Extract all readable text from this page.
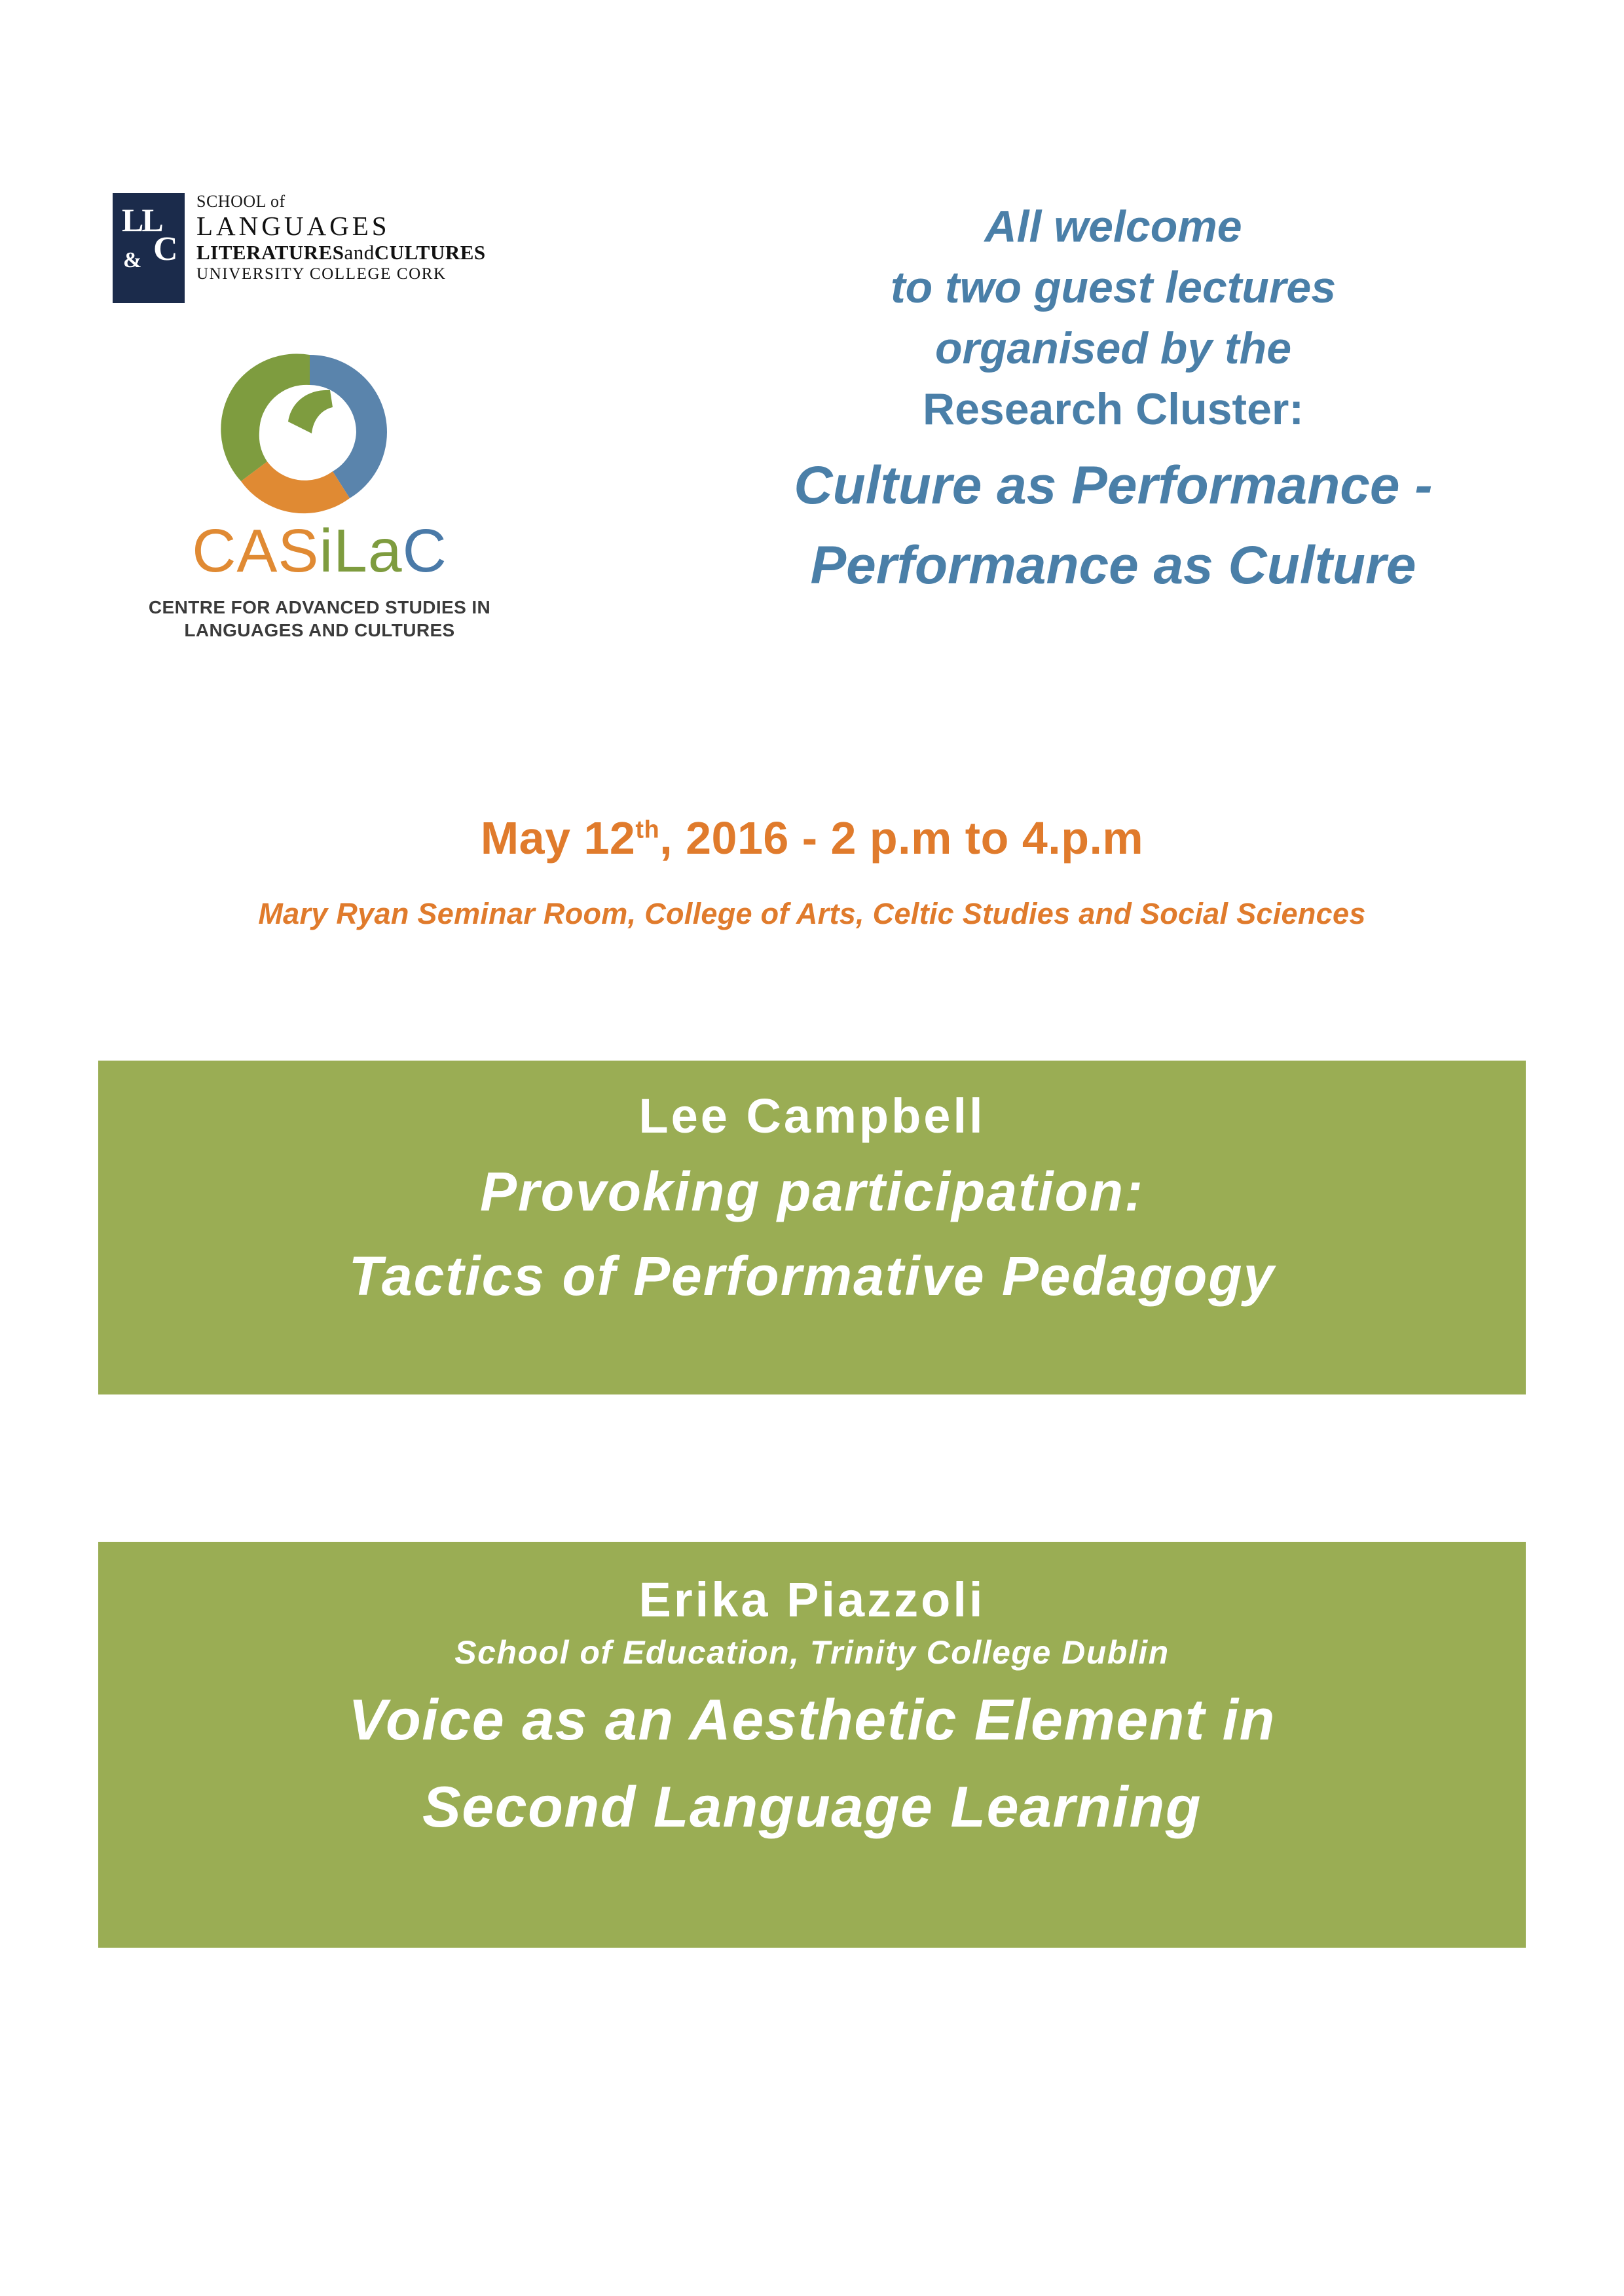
LL
& C
SCHOOL of
LANGUAGES
LITERATURESandCULTURES
UNIVERSITY COLLEGE CORK
CASiLaC
CENTRE FOR ADVANCED STUDIES IN LANGUAGES AND CULTURES
All welcome
to two guest lectures
organised by the
Research Cluster:
Culture as Performance -
Performance as Culture
May 12th, 2016 - 2 p.m to 4.p.m
Mary Ryan Seminar Room, College of Arts, Celtic Studies and Social Sciences
Lee Campbell
Provoking participation:
Tactics of Performative Pedagogy
Erika Piazzoli
School of Education, Trinity College Dublin
Voice as an Aesthetic Element in
Second Language Learning
